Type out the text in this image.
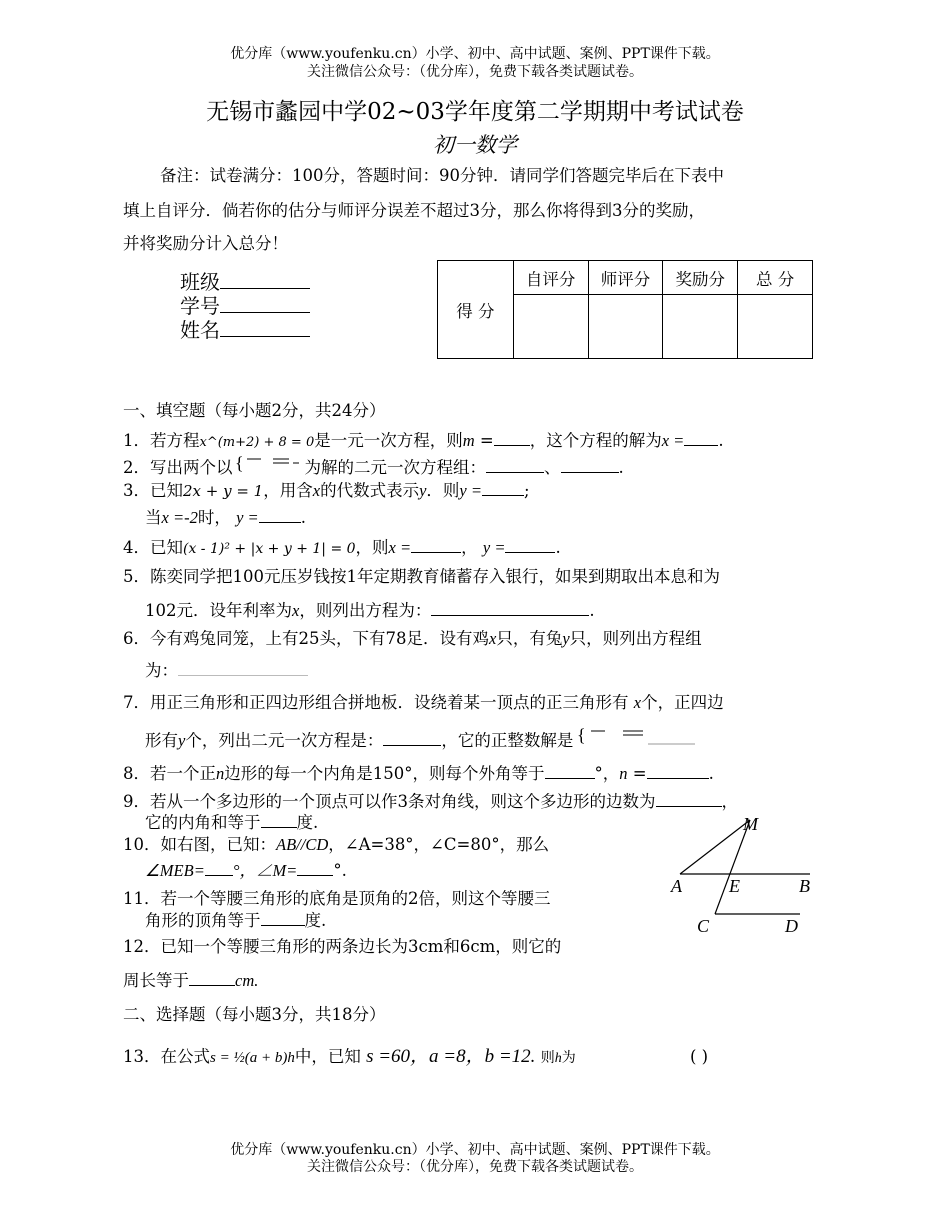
优分库（www.youfenku.cn）小学、初中、高中试题、案例、PPT课件下载。
关注微信公众号：（优分库），免费下载各类试题试卷。
无锡市蠡园中学02~03学年度第二学期期中考试试卷
初一数学
备注：试卷满分：100分，答题时间：90分钟．请同学们答题完毕后在下表中
填上自评分．倘若你的估分与师评分误差不超过3分，那么你将得到3分的奖励，
并将奖励分计入总分！
班级
学号
姓名
得 分	自评分	师评分	奖励分	总 分

一、填空题（每小题2分，共24分）
1．若方程x^(m+2) + 8 = 0是一元一次方程，则m = ，这个方程的解为x = .
2．写出两个以 {	为解的二元一次方程组：	、	.
3．已知2x + y = 1，用含x的代数式表示y．则y =	;
当x =-2时， y =	.
4．已知(x - 1)² + |x + y + 1| = 0，则x =	， y =	.
5．陈奕同学把100元压岁钱按1年定期教育储蓄存入银行，如果到期取出本息和为
102元．设年利率为x，则列出方程为：	.
6．今有鸡兔同笼，上有25头，下有78足．设有鸡x只，有兔y只，则列出方程组
为：
7．用正三角形和正四边形组合拼地板．设绕着某一顶点的正三角形有 x个，正四边
形有y个，列出二元一次方程是：	，它的正整数解是 {
8．若一个正n边形的每一个内角是150°，则每个外角等于	°，n =	.
9．若从一个多边形的一个顶点可以作3条对角线，则这个多边形的边数为	，
它的内角和等于 度.
10．如右图，已知：AB//CD，∠A=38°，∠C=80°，那么
∠MEB= °，∠M= °.
M
A	E	B
C	D
11．若一个等腰三角形的底角是顶角的2倍，则这个等腰三
角形的顶角等于	度.
12．已知一个等腰三角形的两条边长为3cm和6cm，则它的
周长等于	cm.
二、选择题（每小题3分，共18分）
13．在公式s = ½(a + b)h中，已知 s =60，a =8，b =12. 则h为	( )
优分库（www.youfenku.cn）小学、初中、高中试题、案例、PPT课件下载。
关注微信公众号：（优分库），免费下载各类试题试卷。
